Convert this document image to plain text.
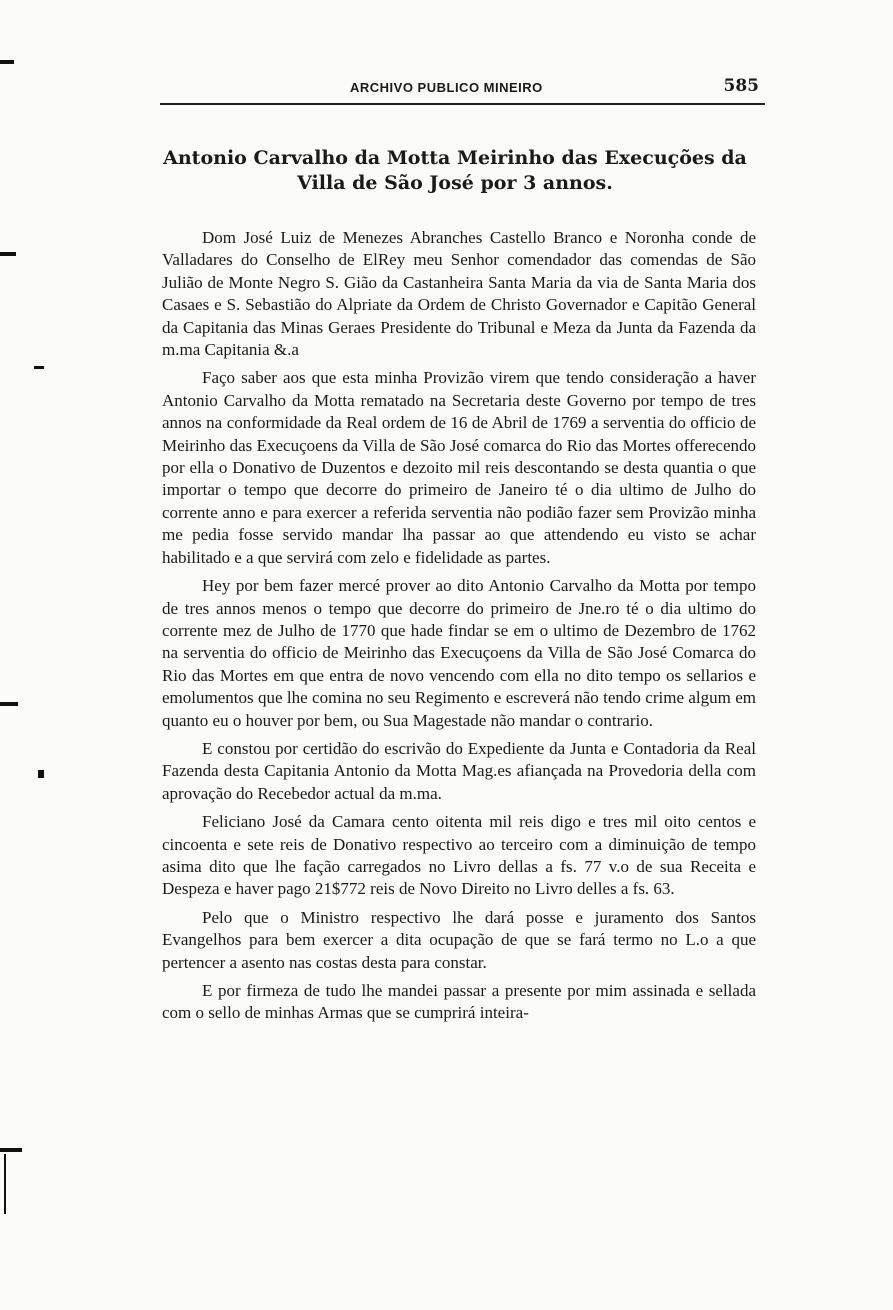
ARCHIVO PUBLICO MINEIRO	585
Antonio Carvalho da Motta Meirinho das Execuções da Villa de São José por 3 annos.

Dom José Luiz de Menezes Abranches Castello Branco e Noronha conde de Valladares do Conselho de ElRey meu Senhor comendador das comendas de São Julião de Monte Negro S. Gião da Castanheira Santa Maria da via de Santa Maria dos Casaes e S. Sebastião do Alpriate da Ordem de Christo Governador e Capitão General da Capitania das Minas Geraes Presidente do Tribunal e Meza da Junta da Fazenda da m.ma Capitania &.a

Faço saber aos que esta minha Provizão virem que tendo consideração a haver Antonio Carvalho da Motta rematado na Secretaria deste Governo por tempo de tres annos na conformidade da Real ordem de 16 de Abril de 1769 a serventia do officio de Meirinho das Execuçoens da Villa de São José comarca do Rio das Mortes offerecendo por ella o Donativo de Duzentos e dezoito mil reis descontando se desta quantia o que importar o tempo que decorre do primeiro de Janeiro té o dia ultimo de Julho do corrente anno e para exercer a referida serventia não podião fazer sem Provizão minha me pedia fosse servido mandar lha passar ao que attendendo eu visto se achar habilitado e a que servirá com zelo e fidelidade as partes.

Hey por bem fazer mercé prover ao dito Antonio Carvalho da Motta por tempo de tres annos menos o tempo que decorre do primeiro de Jne.ro té o dia ultimo do corrente mez de Julho de 1770 que hade findar se em o ultimo de Dezembro de 1762 na serventia do officio de Meirinho das Execuçoens da Villa de São José Comarca do Rio das Mortes em que entra de novo vencendo com ella no dito tempo os sellarios e emolumentos que lhe comina no seu Regimento e escreverá não tendo crime algum em quanto eu o houver por bem, ou Sua Magestade não mandar o contrario.

E constou por certidão do escrivão do Expediente da Junta e Contadoria da Real Fazenda desta Capitania Antonio da Motta Mag.es afiançada na Provedoria della com aprovação do Recebedor actual da m.ma.

Feliciano José da Camara cento oitenta mil reis digo e tres mil oito centos e cincoenta e sete reis de Donativo respectivo ao terceiro com a diminuição de tempo asima dito que lhe fação carregados no Livro dellas a fs. 77 v.o de sua Receita e Despeza e haver pago 21$772 reis de Novo Direito no Livro delles a fs. 63.

Pelo que o Ministro respectivo lhe dará posse e juramento dos Santos Evangelhos para bem exercer a dita ocupação de que se fará termo no L.o a que pertencer a asento nas costas desta para constar.

E por firmeza de tudo lhe mandei passar a presente por mim assinada e sellada com o sello de minhas Armas que se cumprirá inteira-
